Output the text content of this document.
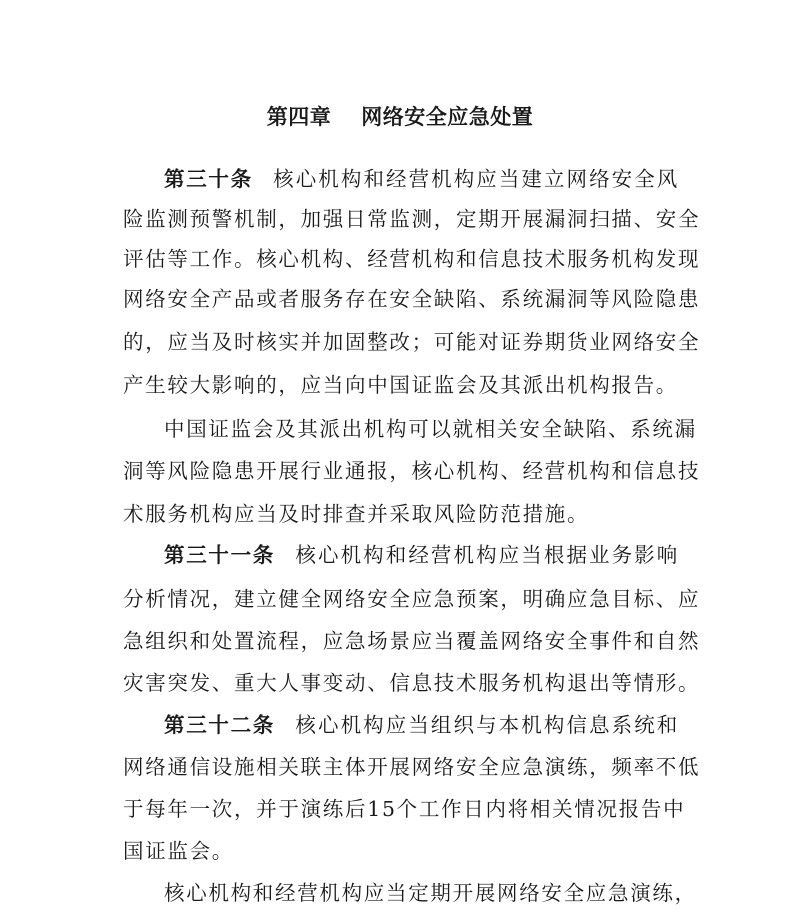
第四章 网络安全应急处置
第三十条 核心机构和经营机构应当建立网络安全风
险监测预警机制，加强日常监测，定期开展漏洞扫描、安全
评估等工作。核心机构、经营机构和信息技术服务机构发现
网络安全产品或者服务存在安全缺陷、系统漏洞等风险隐患
的，应当及时核实并加固整改；可能对证券期货业网络安全
产生较大影响的，应当向中国证监会及其派出机构报告。
中国证监会及其派出机构可以就相关安全缺陷、系统漏
洞等风险隐患开展行业通报，核心机构、经营机构和信息技
术服务机构应当及时排查并采取风险防范措施。
第三十一条 核心机构和经营机构应当根据业务影响
分析情况，建立健全网络安全应急预案，明确应急目标、应
急组织和处置流程，应急场景应当覆盖网络安全事件和自然
灾害突发、重大人事变动、信息技术服务机构退出等情形。
第三十二条 核心机构应当组织与本机构信息系统和
网络通信设施相关联主体开展网络安全应急演练，频率不低
于每年一次，并于演练后15个工作日内将相关情况报告中
国证监会。
核心机构和经营机构应当定期开展网络安全应急演练，
